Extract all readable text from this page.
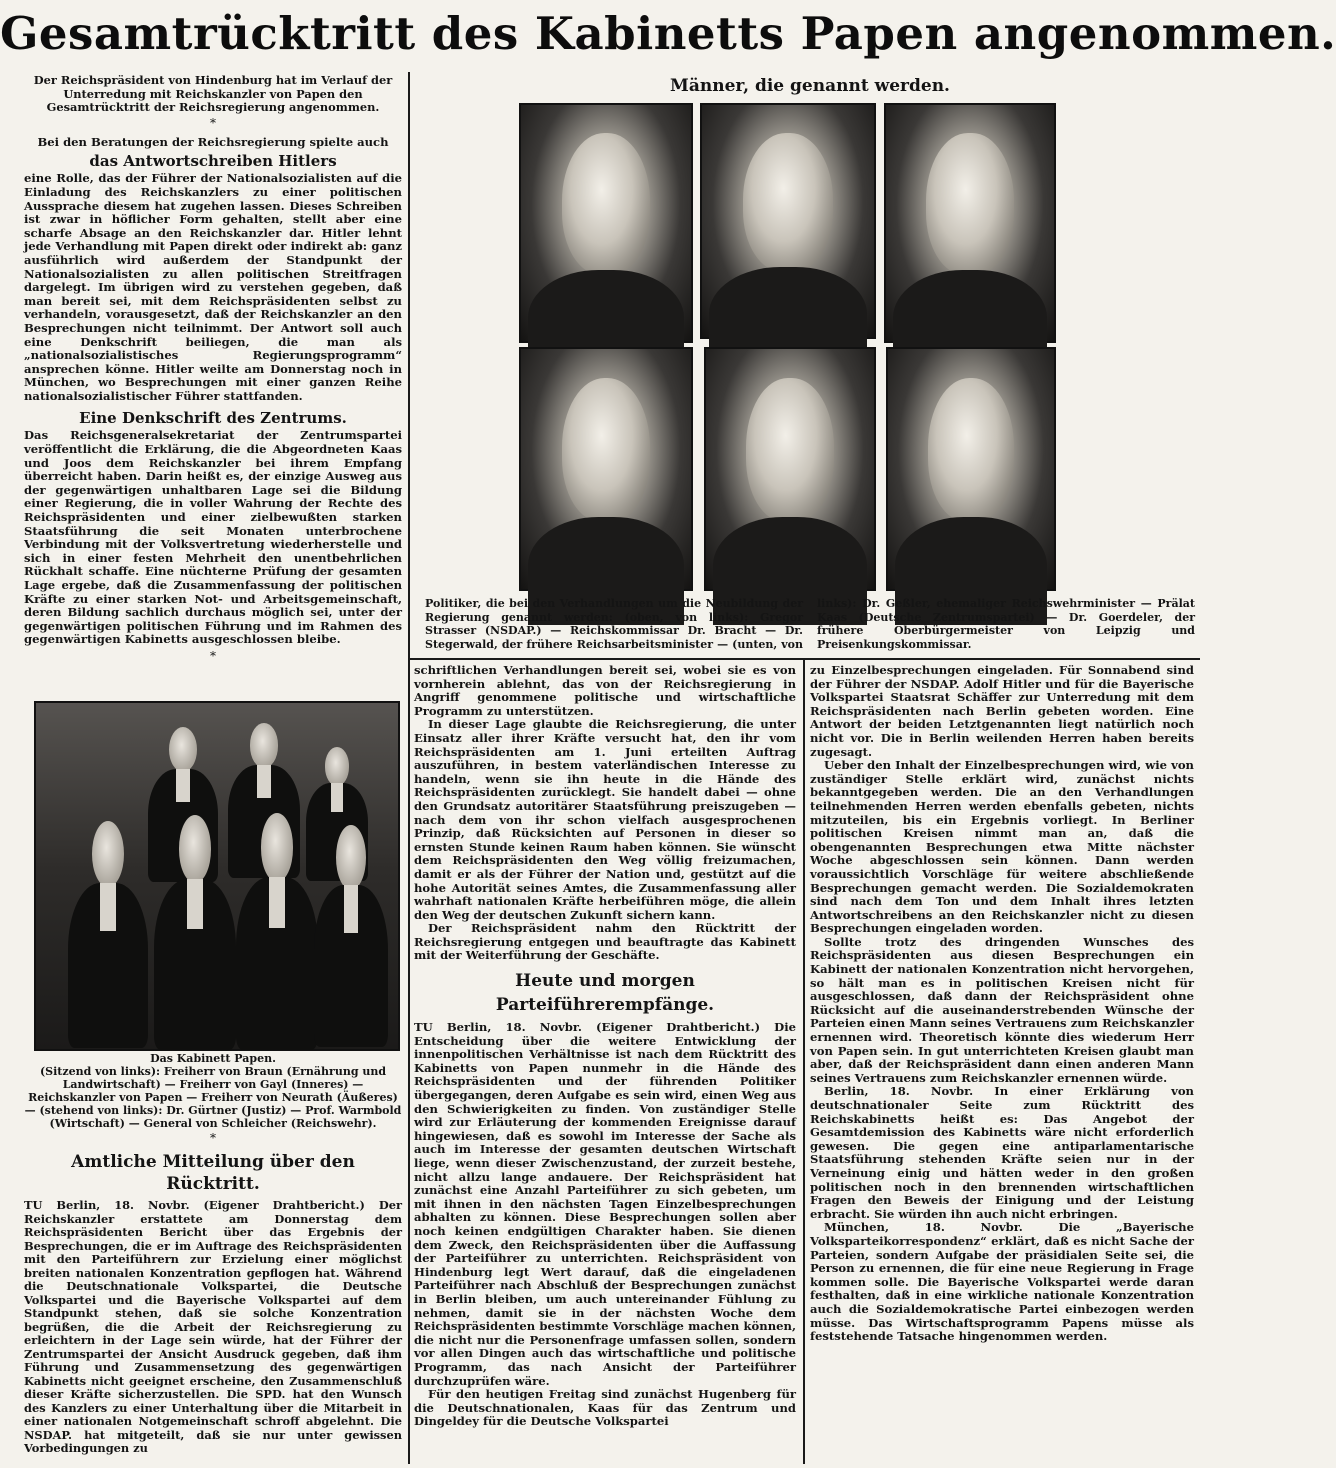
Gesamtrücktritt des Kabinetts Papen angenommen.

Der Reichspräsident von Hindenburg hat im Verlauf der Unterredung mit Reichskanzler von Papen den Gesamtrücktritt der Reichsregierung angenommen.

*

Bei den Beratungen der Reichsregierung spielte auch

das Antwortschreiben Hitlers

eine Rolle, das der Führer der Nationalsozialisten auf die Einladung des Reichskanzlers zu einer politischen Aussprache diesem hat zugehen lassen. Dieses Schreiben ist zwar in höflicher Form gehalten, stellt aber eine scharfe Absage an den Reichskanzler dar. Hitler lehnt jede Verhandlung mit Papen direkt oder indirekt ab: ganz ausführlich wird außerdem der Standpunkt der Nationalsozialisten zu allen politischen Streitfragen dargelegt. Im übrigen wird zu verstehen gegeben, daß man bereit sei, mit dem Reichspräsidenten selbst zu verhandeln, vorausgesetzt, daß der Reichskanzler an den Besprechungen nicht teilnimmt. Der Antwort soll auch eine Denkschrift beiliegen, die man als „nationalsozialistisches Regierungsprogramm“ ansprechen könne. Hitler weilte am Donnerstag noch in München, wo Besprechungen mit einer ganzen Reihe nationalsozialistischer Führer stattfanden.

Eine Denkschrift des Zentrums.

Das Reichsgeneralsekretariat der Zentrumspartei veröffentlicht die Erklärung, die die Abgeordneten Kaas und Joos dem Reichskanzler bei ihrem Empfang überreicht haben. Darin heißt es, der einzige Ausweg aus der gegenwärtigen unhaltbaren Lage sei die Bildung einer Regierung, die in voller Wahrung der Rechte des Reichspräsidenten und einer zielbewußten starken Staatsführung die seit Monaten unterbrochene Verbindung mit der Volksvertretung wiederherstelle und sich in einer festen Mehrheit den unentbehrlichen Rückhalt schaffe. Eine nüchterne Prüfung der gesamten Lage ergebe, daß die Zusammenfassung der politischen Kräfte zu einer starken Not- und Arbeitsgemeinschaft, deren Bildung sachlich durchaus möglich sei, unter der gegenwärtigen politischen Führung und im Rahmen des gegenwärtigen Kabinetts ausgeschlossen bleibe.

*
Das Kabinett Papen.

(Sitzend von links): Freiherr von Braun (Ernährung und Landwirtschaft) — Freiherr von Gayl (Inneres) — Reichskanzler von Papen — Freiherr von Neurath (Äußeres) — (stehend von links): Dr. Gürtner (Justiz) — Prof. Warmbold (Wirtschaft) — General von Schleicher (Reichswehr).

*
Amtliche Mitteilung über den Rücktritt.

TU Berlin, 18. Novbr. (Eigener Drahtbericht.) Der Reichskanzler erstattete am Donnerstag dem Reichspräsidenten Bericht über das Ergebnis der Besprechungen, die er im Auftrage des Reichspräsidenten mit den Parteiführern zur Erzielung einer möglichst breiten nationalen Konzentration gepflogen hat. Während die Deutschnationale Volkspartei, die Deutsche Volkspartei und die Bayerische Volkspartei auf dem Standpunkt stehen, daß sie solche Konzentration begrüßen, die die Arbeit der Reichsregierung zu erleichtern in der Lage sein würde, hat der Führer der Zentrumspartei der Ansicht Ausdruck gegeben, daß ihm Führung und Zusammensetzung des gegenwärtigen Kabinetts nicht geeignet erscheine, den Zusammenschluß dieser Kräfte sicherzustellen. Die SPD. hat den Wunsch des Kanzlers zu einer Unterhaltung über die Mitarbeit in einer nationalen Notgemeinschaft schroff abgelehnt. Die NSDAP. hat mitgeteilt, daß sie nur unter gewissen Vorbedingungen zu

Männer, die genannt werden.

Politiker, die bei den Verhandlungen um die Neubildung der Regierung genannt werden: (oben, von links): Gregor Strasser (NSDAP.) — Reichskommissar Dr. Bracht — Dr. Stegerwald, der frühere Reichsarbeitsminister — (unten, von links): Dr. Geßler, ehemaliger Reichswehrminister — Prälat Kaas (Deutsche Zentrumspartei) — Dr. Goerdeler, der frühere Oberbürgermeister von Leipzig und Preisenkungskommissar.

schriftlichen Verhandlungen bereit sei, wobei sie es von vornherein ablehnt, das von der Reichsregierung in Angriff genommene politische und wirtschaftliche Programm zu unterstützen.

In dieser Lage glaubte die Reichsregierung, die unter Einsatz aller ihrer Kräfte versucht hat, den ihr vom Reichspräsidenten am 1. Juni erteilten Auftrag auszuführen, in bestem vaterländischen Interesse zu handeln, wenn sie ihn heute in die Hände des Reichspräsidenten zurücklegt. Sie handelt dabei — ohne den Grundsatz autoritärer Staatsführung preiszugeben — nach dem von ihr schon vielfach ausgesprochenen Prinzip, daß Rücksichten auf Personen in dieser so ernsten Stunde keinen Raum haben können. Sie wünscht dem Reichspräsidenten den Weg völlig freizumachen, damit er als der Führer der Nation und, gestützt auf die hohe Autorität seines Amtes, die Zusammenfassung aller wahrhaft nationalen Kräfte herbeiführen möge, die allein den Weg der deutschen Zukunft sichern kann.

Der Reichspräsident nahm den Rücktritt der Reichsregierung entgegen und beauftragte das Kabinett mit der Weiterführung der Geschäfte.

Heute und morgen Parteiführerempfänge.

TU Berlin, 18. Novbr. (Eigener Drahtbericht.) Die Entscheidung über die weitere Entwicklung der innenpolitischen Verhältnisse ist nach dem Rücktritt des Kabinetts von Papen nunmehr in die Hände des Reichspräsidenten und der führenden Politiker übergegangen, deren Aufgabe es sein wird, einen Weg aus den Schwierigkeiten zu finden. Von zuständiger Stelle wird zur Erläuterung der kommenden Ereignisse darauf hingewiesen, daß es sowohl im Interesse der Sache als auch im Interesse der gesamten deutschen Wirtschaft liege, wenn dieser Zwischenzustand, der zurzeit bestehe, nicht allzu lange andauere. Der Reichspräsident hat zunächst eine Anzahl Parteiführer zu sich gebeten, um mit ihnen in den nächsten Tagen Einzelbesprechungen abhalten zu können. Diese Besprechungen sollen aber noch keinen endgültigen Charakter haben. Sie dienen dem Zweck, den Reichspräsidenten über die Auffassung der Parteiführer zu unterrichten. Reichspräsident von Hindenburg legt Wert darauf, daß die eingeladenen Parteiführer nach Abschluß der Besprechungen zunächst in Berlin bleiben, um auch untereinander Fühlung zu nehmen, damit sie in der nächsten Woche dem Reichspräsidenten bestimmte Vorschläge machen können, die nicht nur die Personenfrage umfassen sollen, sondern vor allen Dingen auch das wirtschaftliche und politische Programm, das nach Ansicht der Parteiführer durchzuprüfen wäre.

Für den heutigen Freitag sind zunächst Hugenberg für die Deutschnationalen, Kaas für das Zentrum und Dingeldey für die Deutsche Volkspartei

zu Einzelbesprechungen eingeladen. Für Sonnabend sind der Führer der NSDAP. Adolf Hitler und für die Bayerische Volkspartei Staatsrat Schäffer zur Unterredung mit dem Reichspräsidenten nach Berlin gebeten worden. Eine Antwort der beiden Letztgenannten liegt natürlich noch nicht vor. Die in Berlin weilenden Herren haben bereits zugesagt.

Ueber den Inhalt der Einzelbesprechungen wird, wie von zuständiger Stelle erklärt wird, zunächst nichts bekanntgegeben werden. Die an den Verhandlungen teilnehmenden Herren werden ebenfalls gebeten, nichts mitzuteilen, bis ein Ergebnis vorliegt. In Berliner politischen Kreisen nimmt man an, daß die obengenannten Besprechungen etwa Mitte nächster Woche abgeschlossen sein können. Dann werden voraussichtlich Vorschläge für weitere abschließende Besprechungen gemacht werden. Die Sozialdemokraten sind nach dem Ton und dem Inhalt ihres letzten Antwortschreibens an den Reichskanzler nicht zu diesen Besprechungen eingeladen worden.

Sollte trotz des dringenden Wunsches des Reichspräsidenten aus diesen Besprechungen ein Kabinett der nationalen Konzentration nicht hervorgehen, so hält man es in politischen Kreisen nicht für ausgeschlossen, daß dann der Reichspräsident ohne Rücksicht auf die auseinanderstrebenden Wünsche der Parteien einen Mann seines Vertrauens zum Reichskanzler ernennen wird. Theoretisch könnte dies wiederum Herr von Papen sein. In gut unterrichteten Kreisen glaubt man aber, daß der Reichspräsident dann einen anderen Mann seines Vertrauens zum Reichskanzler ernennen würde.

Berlin, 18. Novbr. In einer Erklärung von deutschnationaler Seite zum Rücktritt des Reichskabinetts heißt es: Das Angebot der Gesamtdemission des Kabinetts wäre nicht erforderlich gewesen. Die gegen eine antiparlamentarische Staatsführung stehenden Kräfte seien nur in der Verneinung einig und hätten weder in den großen politischen noch in den brennenden wirtschaftlichen Fragen den Beweis der Einigung und der Leistung erbracht. Sie würden ihn auch nicht erbringen.

München, 18. Novbr. Die „Bayerische Volksparteikorrespondenz“ erklärt, daß es nicht Sache der Parteien, sondern Aufgabe der präsidialen Seite sei, die Person zu ernennen, die für eine neue Regierung in Frage kommen solle. Die Bayerische Volkspartei werde daran festhalten, daß in eine wirkliche nationale Konzentration auch die Sozialdemokratische Partei einbezogen werden müsse. Das Wirtschaftsprogramm Papens müsse als feststehende Tatsache hingenommen werden.
